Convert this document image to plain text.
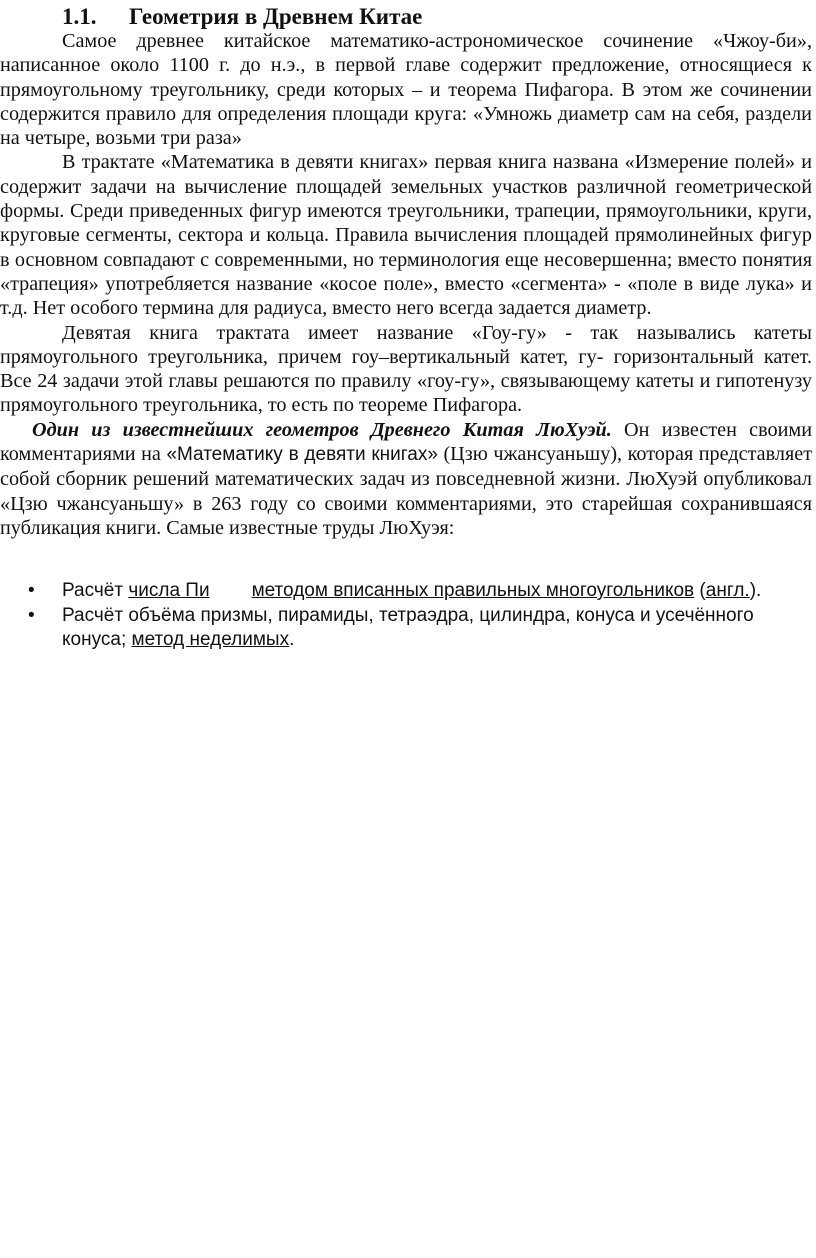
1.1. Геометрия в Древнем Китае

Самое древнее китайское математико-астрономическое сочинение «Чжоу-би», написанное около 1100 г. до н.э., в первой главе содержит предложение, относящиеся к прямоугольному треугольнику, среди которых – и теорема Пифагора. В этом же сочинении содержится правило для определения площади круга: «Умножь диаметр сам на себя, раздели на четыре, возьми три раза»

В трактате «Математика в девяти книгах» первая книга названа «Измерение полей» и содержит задачи на вычисление площадей земельных участков различной геометрической формы. Среди приведенных фигур имеются треугольники, трапеции, прямоугольники, круги, круговые сегменты, сектора и кольца. Правила вычисления площадей прямолинейных фигур в основном совпадают с современными, но терминология еще несовершенна; вместо понятия «трапеция» употребляется название «косое поле», вместо «сегмента» - «поле в виде лука» и т.д. Нет особого термина для радиуса, вместо него всегда задается диаметр.

Девятая книга трактата имеет название «Гоу-гу» - так назывались катеты прямоугольного треугольника, причем гоу–вертикальный катет, гу- горизонтальный катет. Все 24 задачи этой главы решаются по правилу «гоу-гу», связывающему катеты и гипотенузу прямоугольного треугольника, то есть по теореме Пифагора.

Один из известнейших геометров Древнего Китая ЛюХуэй. Он известен своими комментариями на «Математику в девяти книгах» (Цзю чжансуаньшу), которая представляет собой сборник решений математических задач из повседневной жизни. ЛюХуэй опубликовал «Цзю чжансуаньшу» в 263 году со своими комментариями, это старейшая сохранившаяся публикация книги. Самые известные труды ЛюХуэя:

• Расчёт числа Пи методом вписанных правильных многоугольников (англ.).
• Расчёт объёма призмы, пирамиды, тетраэдра, цилиндра, конуса и усечённого конуса; метод неделимых.
